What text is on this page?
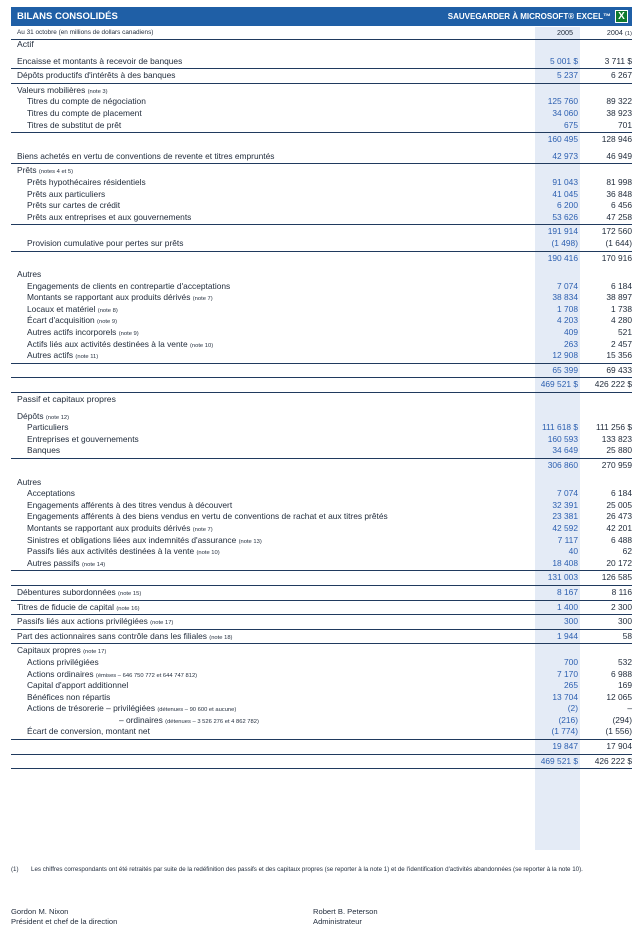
BILANS CONSOLIDÉS	SAUVEGARDER À MICROSOFT® EXCEL™ X
Au 31 octobre (en millions de dollars canadiens)	2005	2004 (1)
Actif
Encaisse et montants à recevoir de banques	5 001 $	3 711 $
Dépôts productifs d'intérêts à des banques	5 237	6 267
Valeurs mobilières (note 3)
Titres du compte de négociation	125 760	89 322
Titres du compte de placement	34 060	38 923
Titres de substitut de prêt	675	701
160 495	128 946
Biens achetés en vertu de conventions de revente et titres empruntés	42 973	46 949
Prêts (notes 4 et 5)
Prêts hypothécaires résidentiels	91 043	81 998
Prêts aux particuliers	41 045	36 848
Prêts sur cartes de crédit	6 200	6 456
Prêts aux entreprises et aux gouvernements	53 626	47 258
191 914	172 560
Provision cumulative pour pertes sur prêts	(1 498)	(1 644)
190 416	170 916
Autres
Engagements de clients en contrepartie d'acceptations	7 074	6 184
Montants se rapportant aux produits dérivés (note 7)	38 834	38 897
Locaux et matériel (note 8)	1 708	1 738
Écart d'acquisition (note 9)	4 203	4 280
Autres actifs incorporels (note 9)	409	521
Actifs liés aux activités destinées à la vente (note 10)	263	2 457
Autres actifs (note 11)	12 908	15 356
65 399	69 433
469 521 $ 426 222 $
Passif et capitaux propres
Dépôts (note 12)
Particuliers	111 618 $ 111 256 $
Entreprises et gouvernements	160 593	133 823
Banques	34 649	25 880
306 860	270 959
Autres
Acceptations	7 074	6 184
Engagements afférents à des titres vendus à découvert	32 391	25 005
Engagements afférents à des biens vendus en vertu de conventions de rachat et aux titres prêtés	23 381	26 473
Montants se rapportant aux produits dérivés (note 7)	42 592	42 201
Sinistres et obligations liées aux indemnités d'assurance (note 13)	7 117	6 488
Passifs liés aux activités destinées à la vente (note 10)	40	62
Autres passifs (note 14)	18 408	20 172
131 003	126 585
Débentures subordonnées (note 15)	8 167	8 116
Titres de fiducie de capital (note 16)	1 400	2 300
Passifs liés aux actions privilégiées (note 17)	300	300
Part des actionnaires sans contrôle dans les filiales (note 18)	1 944	58
Capitaux propres (note 17)
Actions privilégiées	700	532
Actions ordinaires (émises – 646 750 772 et 644 747 812)	7 170	6 988
Capital d'apport additionnel	265	169
Bénéfices non répartis	13 704	12 065
Actions de trésorerie – privilégiées (détenues – 90 600 et aucune)	(2)	–
– ordinaires (détenues – 3 526 276 et 4 862 782)	(216)	(294)
Écart de conversion, montant net	(1 774)	(1 556)
19 847	17 904
469 521 $ 426 222 $
(1)	Les chiffres correspondants ont été retraités par suite de la redéfinition des passifs et des capitaux propres (se reporter à la note 1) et de l'identification d'activités abandonnées (se reporter à la note 10).
Gordon M. Nixon
Président et chef de la direction
Robert B. Peterson
Administrateur
